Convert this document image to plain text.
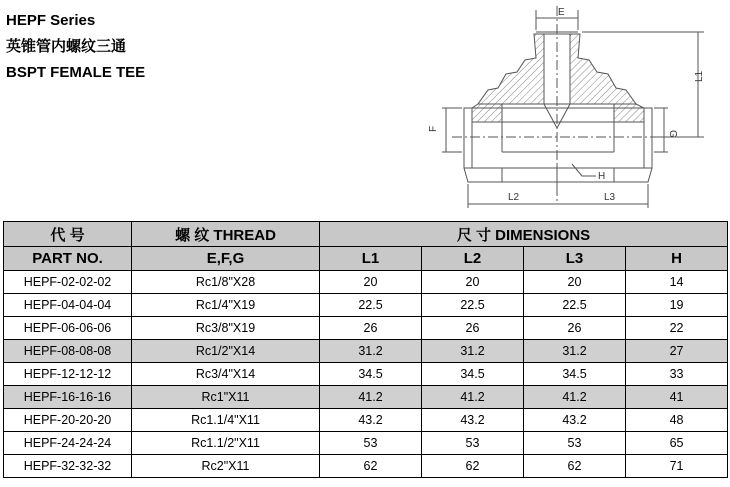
HEPF Series
英锥管内螺纹三通
BSPT FEMALE TEE
E
L1
F
G
H
L2	L3
代 号	螺 纹 THREAD	尺 寸 DIMENSIONS			
PART NO.	E,F,G	L1	L2	L3	H
HEPF-02-02-02	Rc1/8"X28	20	20	20	14
HEPF-04-04-04	Rc1/4"X19	22.5	22.5	22.5	19
HEPF-06-06-06	Rc3/8"X19	26	26	26	22
HEPF-08-08-08	Rc1/2"X14	31.2	31.2	31.2	27
HEPF-12-12-12	Rc3/4"X14	34.5	34.5	34.5	33
HEPF-16-16-16	Rc1"X11	41.2	41.2	41.2	41
HEPF-20-20-20	Rc1.1/4"X11	43.2	43.2	43.2	48
HEPF-24-24-24	Rc1.1/2"X11	53	53	53	65
HEPF-32-32-32	Rc2"X11	62	62	62	71
